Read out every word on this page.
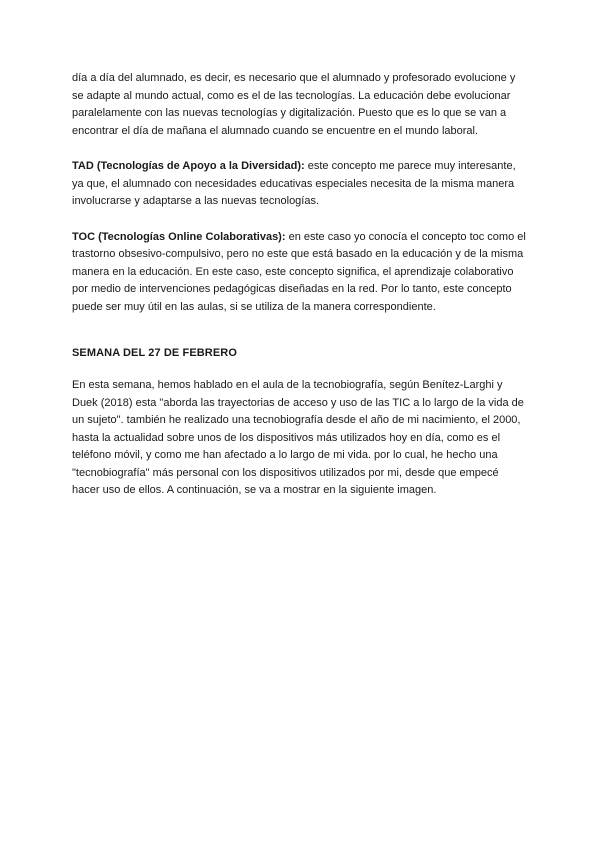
día a día del alumnado, es decir, es necesario que el alumnado y profesorado evolucione y se adapte al mundo actual, como es el de las tecnologías. La educación debe evolucionar paralelamente con las nuevas tecnologías y digitalización. Puesto que es lo que se van a encontrar el día de mañana el alumnado cuando se encuentre en el mundo laboral.

TAD (Tecnologías de Apoyo a la Diversidad): este concepto me parece muy interesante, ya que, el alumnado con necesidades educativas especiales necesita de la misma manera involucrarse y adaptarse a las nuevas tecnologías.

TOC (Tecnologías Online Colaborativas): en este caso yo conocía el concepto toc como el trastorno obsesivo-compulsivo, pero no este que está basado en la educación y de la misma manera en la educación. En este caso, este concepto significa, el aprendizaje colaborativo por medio de intervenciones pedagógicas diseñadas en la red. Por lo tanto, este concepto puede ser muy útil en las aulas, si se utiliza de la manera correspondiente.

SEMANA DEL 27 DE FEBRERO

En esta semana, hemos hablado en el aula de la tecnobiografía, según Benítez-Larghi y Duek (2018) esta "aborda las trayectorias de acceso y uso de las TIC a lo largo de la vida de un sujeto". también he realizado una tecnobiografía desde el año de mi nacimiento, el 2000, hasta la actualidad sobre unos de los dispositivos más utilizados hoy en día, como es el teléfono móvil, y como me han afectado a lo largo de mi vida. por lo cual, he hecho una "tecnobiografía" más personal con los dispositivos utilizados por mi, desde que empecé hacer uso de ellos. A continuación, se va a mostrar en la siguiente imagen.
